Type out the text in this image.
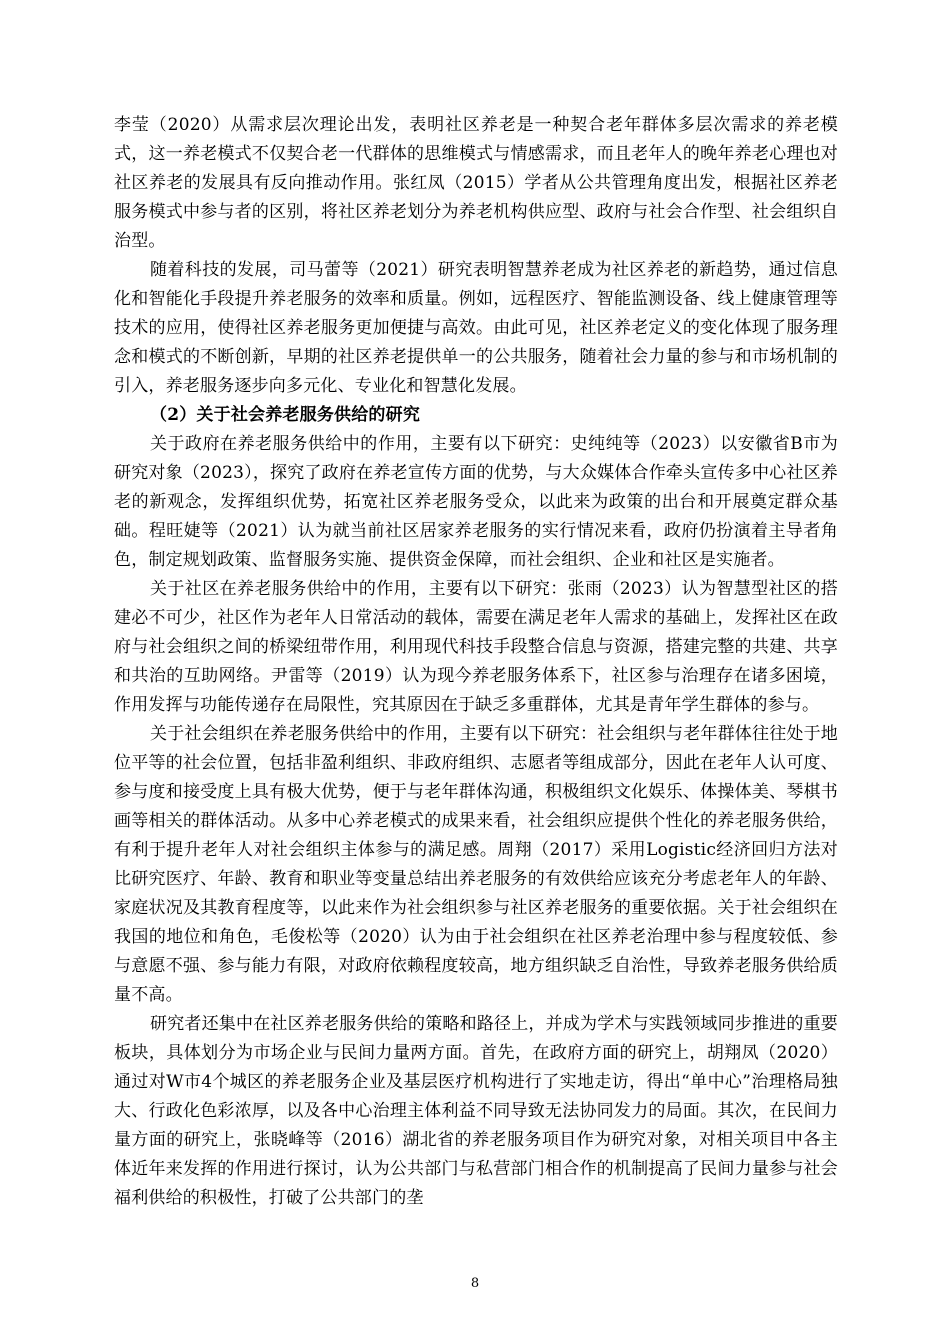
李莹（2020）从需求层次理论出发，表明社区养老是一种契合老年群体多层次需求的养老模式，这一养老模式不仅契合老一代群体的思维模式与情感需求，而且老年人的晚年养老心理也对社区养老的发展具有反向推动作用。张红凤（2015）学者从公共管理角度出发，根据社区养老服务模式中参与者的区别，将社区养老划分为养老机构供应型、政府与社会合作型、社会组织自治型。

随着科技的发展，司马蕾等（2021）研究表明智慧养老成为社区养老的新趋势，通过信息化和智能化手段提升养老服务的效率和质量。例如，远程医疗、智能监测设备、线上健康管理等技术的应用，使得社区养老服务更加便捷与高效。由此可见，社区养老定义的变化体现了服务理念和模式的不断创新，早期的社区养老提供单一的公共服务，随着社会力量的参与和市场机制的引入，养老服务逐步向多元化、专业化和智慧化发展。

（2）关于社会养老服务供给的研究

关于政府在养老服务供给中的作用，主要有以下研究：史纯纯等（2023）以安徽省B市为研究对象（2023），探究了政府在养老宣传方面的优势，与大众媒体合作牵头宣传多中心社区养老的新观念，发挥组织优势，拓宽社区养老服务受众，以此来为政策的出台和开展奠定群众基础。程旺婕等（2021）认为就当前社区居家养老服务的实行情况来看，政府仍扮演着主导者角色，制定规划政策、监督服务实施、提供资金保障，而社会组织、企业和社区是实施者。

关于社区在养老服务供给中的作用，主要有以下研究：张雨（2023）认为智慧型社区的搭建必不可少，社区作为老年人日常活动的载体，需要在满足老年人需求的基础上，发挥社区在政府与社会组织之间的桥梁纽带作用，利用现代科技手段整合信息与资源，搭建完整的共建、共享和共治的互助网络。尹雷等（2019）认为现今养老服务体系下，社区参与治理存在诸多困境，作用发挥与功能传递存在局限性，究其原因在于缺乏多重群体，尤其是青年学生群体的参与。

关于社会组织在养老服务供给中的作用，主要有以下研究：社会组织与老年群体往往处于地位平等的社会位置，包括非盈利组织、非政府组织、志愿者等组成部分，因此在老年人认可度、参与度和接受度上具有极大优势，便于与老年群体沟通，积极组织文化娱乐、体操体美、琴棋书画等相关的群体活动。从多中心养老模式的成果来看，社会组织应提供个性化的养老服务供给，有利于提升老年人对社会组织主体参与的满足感。周翔（2017）采用Logistic经济回归方法对比研究医疗、年龄、教育和职业等变量总结出养老服务的有效供给应该充分考虑老年人的年龄、家庭状况及其教育程度等，以此来作为社会组织参与社区养老服务的重要依据。关于社会组织在我国的地位和角色，毛俊松等（2020）认为由于社会组织在社区养老治理中参与程度较低、参与意愿不强、参与能力有限，对政府依赖程度较高，地方组织缺乏自治性，导致养老服务供给质量不高。

研究者还集中在社区养老服务供给的策略和路径上，并成为学术与实践领域同步推进的重要板块，具体划分为市场企业与民间力量两方面。首先，在政府方面的研究上，胡翔凤（2020）通过对W市4个城区的养老服务企业及基层医疗机构进行了实地走访，得出“单中心”治理格局独大、行政化色彩浓厚，以及各中心治理主体利益不同导致无法协同发力的局面。其次，在民间力量方面的研究上，张晓峰等（2016）湖北省的养老服务项目作为研究对象，对相关项目中各主体近年来发挥的作用进行探讨，认为公共部门与私营部门相合作的机制提高了民间力量参与社会福利供给的积极性，打破了公共部门的垄

8
